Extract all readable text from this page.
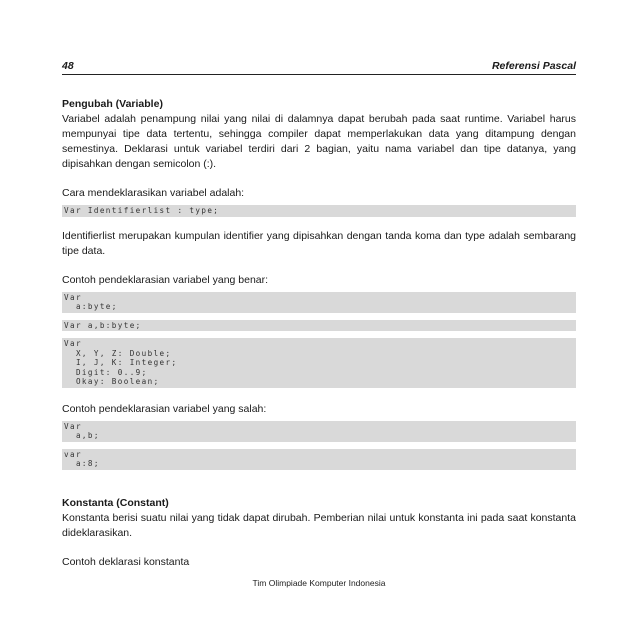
48	Referensi Pascal
Pengubah (Variable)

Variabel adalah penampung nilai yang nilai di dalamnya dapat berubah pada saat runtime. Variabel harus mempunyai tipe data tertentu, sehingga compiler dapat memperlakukan data yang ditampung dengan semestinya. Deklarasi untuk variabel terdiri dari 2 bagian, yaitu nama variabel dan tipe datanya, yang dipisahkan dengan semicolon (:).

Cara mendeklarasikan variabel adalah:

Var Identifierlist : type;

Identifierlist merupakan kumpulan identifier yang dipisahkan dengan tanda koma dan type adalah sembarang tipe data.

Contoh pendeklarasian variabel yang benar:

Var
a:byte;
Var a,b:byte;
Var
X, Y, Z: Double;
I, J, K: Integer;
Digit: 0..9;
Okay: Boolean;

Contoh pendeklarasian variabel yang salah:

Var
a,b;
var
a:8;
Konstanta (Constant)

Konstanta berisi suatu nilai yang tidak dapat dirubah. Pemberian nilai untuk konstanta ini pada saat konstanta dideklarasikan.

Contoh deklarasi konstanta

Tim Olimpiade Komputer Indonesia
